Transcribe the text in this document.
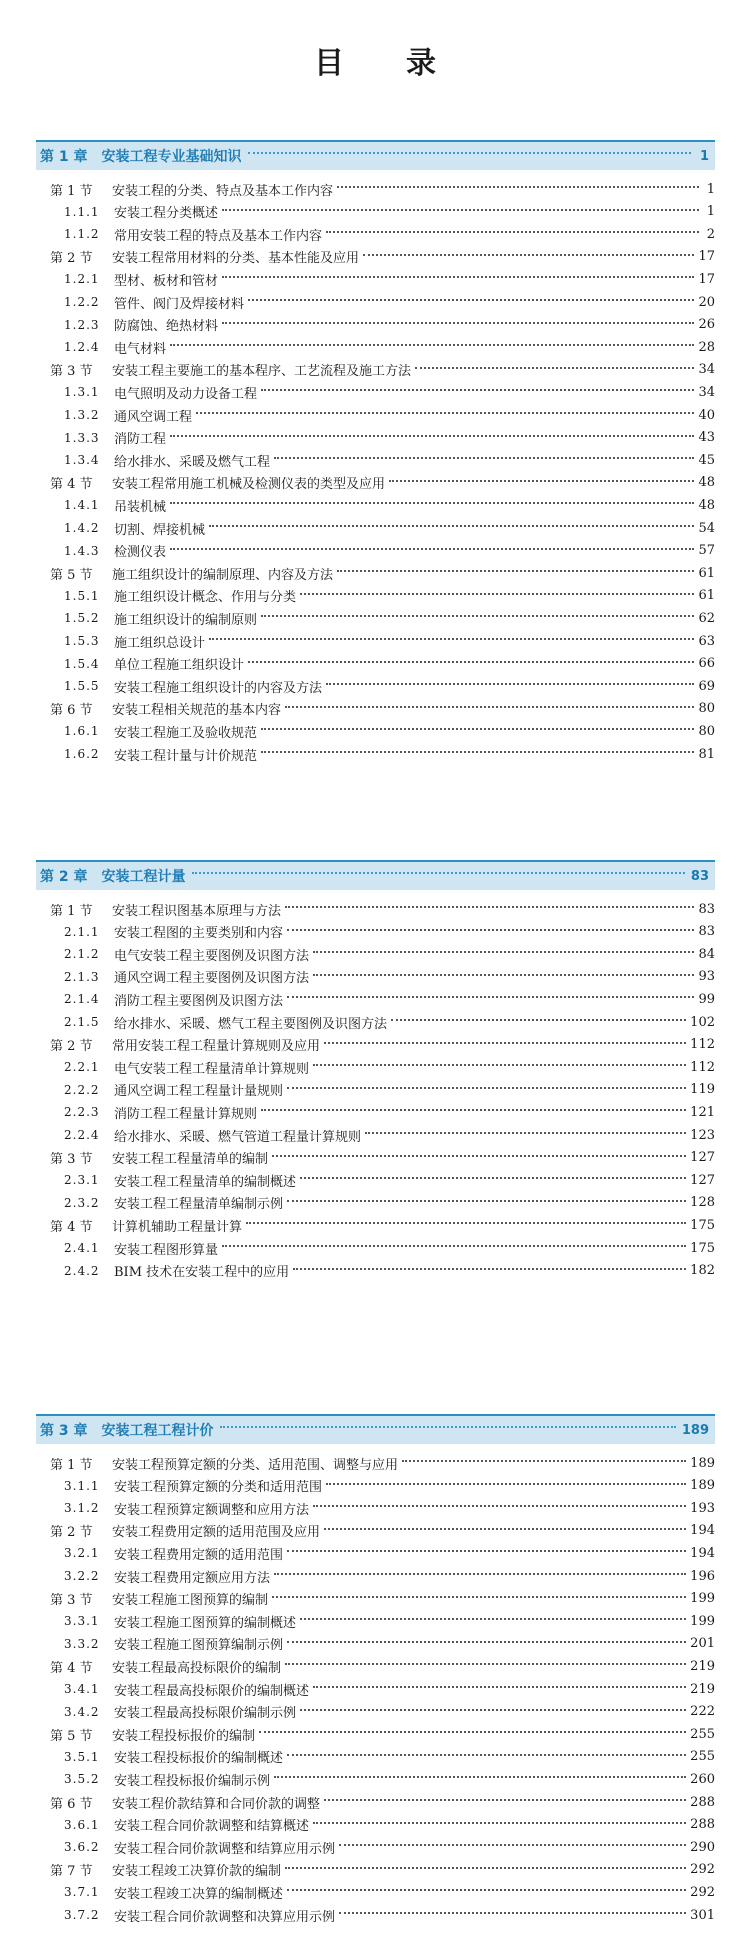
目 录
第 1 章　安装工程专业基础知识	1
第 1 节	安装工程的分类、特点及基本工作内容	1
1.1.1	安装工程分类概述	1
1.1.2	常用安装工程的特点及基本工作内容	2
第 2 节	安装工程常用材料的分类、基本性能及应用	17
1.2.1	型材、板材和管材	17
1.2.2	管件、阀门及焊接材料	20
1.2.3	防腐蚀、绝热材料	26
1.2.4	电气材料	28
第 3 节	安装工程主要施工的基本程序、工艺流程及施工方法	34
1.3.1	电气照明及动力设备工程	34
1.3.2	通风空调工程	40
1.3.3	消防工程	43
1.3.4	给水排水、采暖及燃气工程	45
第 4 节	安装工程常用施工机械及检测仪表的类型及应用	48
1.4.1	吊装机械	48
1.4.2	切割、焊接机械	54
1.4.3	检测仪表	57
第 5 节	施工组织设计的编制原理、内容及方法	61
1.5.1	施工组织设计概念、作用与分类	61
1.5.2	施工组织设计的编制原则	62
1.5.3	施工组织总设计	63
1.5.4	单位工程施工组织设计	66
1.5.5	安装工程施工组织设计的内容及方法	69
第 6 节	安装工程相关规范的基本内容	80
1.6.1	安装工程施工及验收规范	80
1.6.2	安装工程计量与计价规范	81
第 2 章　安装工程计量	83
第 1 节	安装工程识图基本原理与方法	83
2.1.1	安装工程图的主要类别和内容	83
2.1.2	电气安装工程主要图例及识图方法	84
2.1.3	通风空调工程主要图例及识图方法	93
2.1.4	消防工程主要图例及识图方法	99
2.1.5	给水排水、采暖、燃气工程主要图例及识图方法	102
第 2 节	常用安装工程工程量计算规则及应用	112
2.2.1	电气安装工程工程量清单计算规则	112
2.2.2	通风空调工程工程量计量规则	119
2.2.3	消防工程工程量计算规则	121
2.2.4	给水排水、采暖、燃气管道工程量计算规则	123
第 3 节	安装工程工程量清单的编制	127
2.3.1	安装工程工程量清单的编制概述	127
2.3.2	安装工程工程量清单编制示例	128
第 4 节	计算机辅助工程量计算	175
2.4.1	安装工程图形算量	175
2.4.2	BIM 技术在安装工程中的应用	182
第 3 章　安装工程工程计价	189
第 1 节	安装工程预算定额的分类、适用范围、调整与应用	189
3.1.1	安装工程预算定额的分类和适用范围	189
3.1.2	安装工程预算定额调整和应用方法	193
第 2 节	安装工程费用定额的适用范围及应用	194
3.2.1	安装工程费用定额的适用范围	194
3.2.2	安装工程费用定额应用方法	196
第 3 节	安装工程施工图预算的编制	199
3.3.1	安装工程施工图预算的编制概述	199
3.3.2	安装工程施工图预算编制示例	201
第 4 节	安装工程最高投标限价的编制	219
3.4.1	安装工程最高投标限价的编制概述	219
3.4.2	安装工程最高投标限价编制示例	222
第 5 节	安装工程投标报价的编制	255
3.5.1	安装工程投标报价的编制概述	255
3.5.2	安装工程投标报价编制示例	260
第 6 节	安装工程价款结算和合同价款的调整	288
3.6.1	安装工程合同价款调整和结算概述	288
3.6.2	安装工程合同价款调整和结算应用示例	290
第 7 节	安装工程竣工决算价款的编制	292
3.7.1	安装工程竣工决算的编制概述	292
3.7.2	安装工程合同价款调整和决算应用示例	301
